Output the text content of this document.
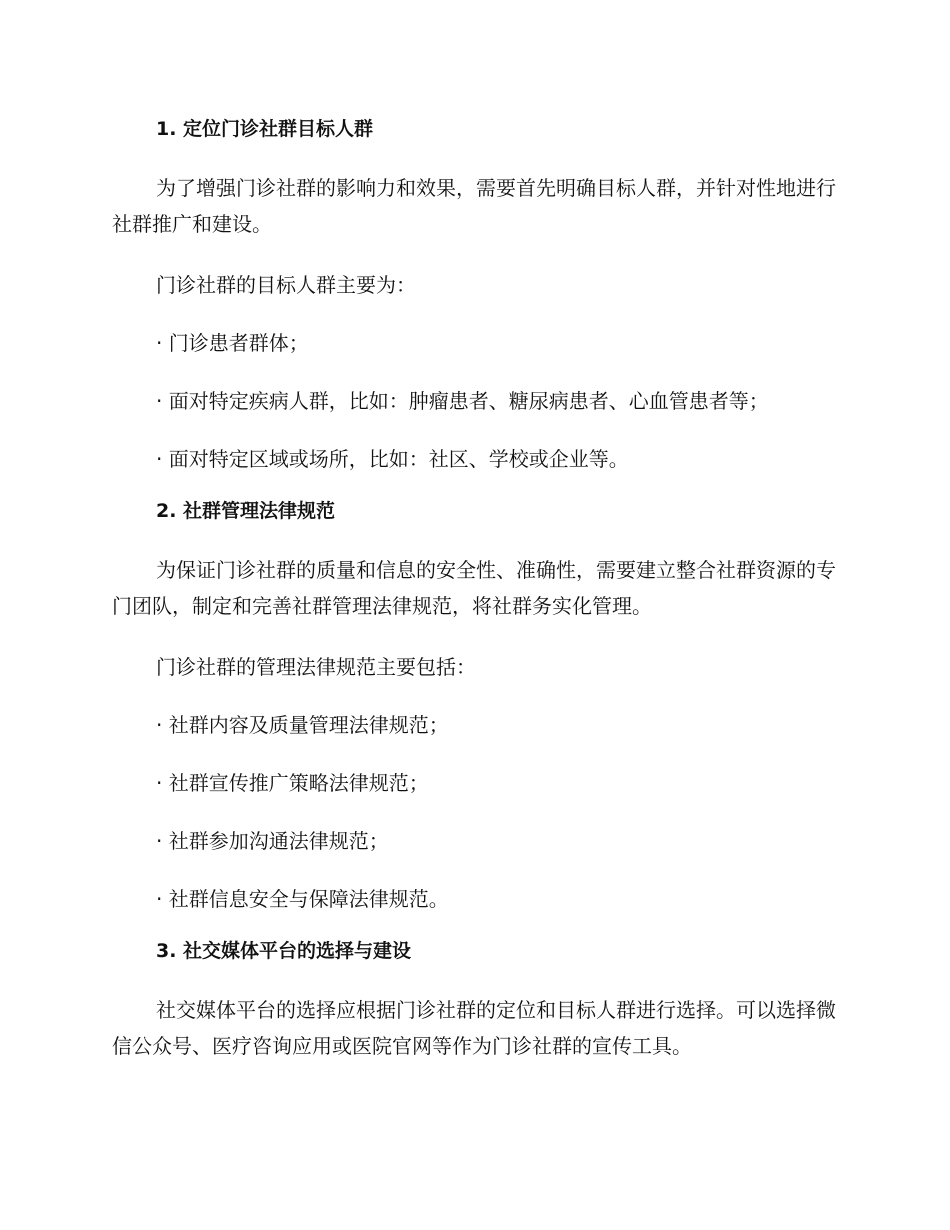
1. 定位门诊社群目标人群

为了增强门诊社群的影响力和效果，需要首先明确目标人群，并针对性地进行社群推广和建设。

门诊社群的目标人群主要为：

· 门诊患者群体；

· 面对特定疾病人群，比如：肿瘤患者、糖尿病患者、心血管患者等；

· 面对特定区域或场所，比如：社区、学校或企业等。

2. 社群管理法律规范

为保证门诊社群的质量和信息的安全性、准确性，需要建立整合社群资源的专门团队，制定和完善社群管理法律规范，将社群务实化管理。

门诊社群的管理法律规范主要包括：

· 社群内容及质量管理法律规范；

· 社群宣传推广策略法律规范；

· 社群参加沟通法律规范；

· 社群信息安全与保障法律规范。

3. 社交媒体平台的选择与建设

社交媒体平台的选择应根据门诊社群的定位和目标人群进行选择。可以选择微信公众号、医疗咨询应用或医院官网等作为门诊社群的宣传工具。
